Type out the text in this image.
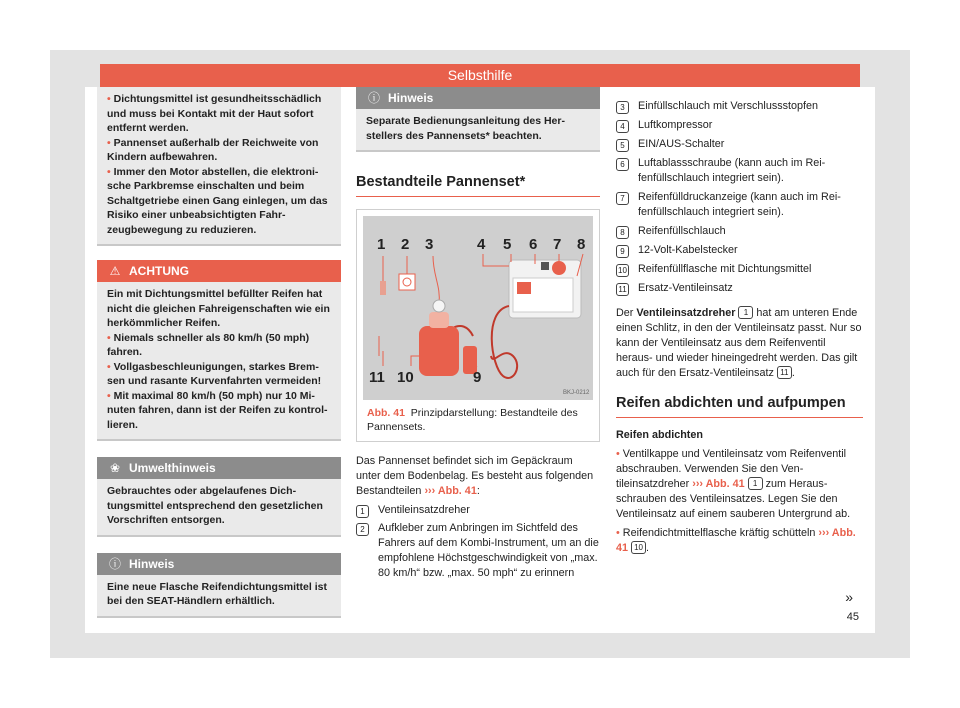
Selbsthilfe

• Dichtungsmittel ist gesundheitsschädlich und muss bei Kontakt mit der Haut sofort entfernt werden.

• Pannenset außerhalb der Reichweite von Kindern aufbewahren.

• Immer den Motor abstellen, die elektronische Parkbremse einschalten und beim Schaltgetriebe einen Gang einlegen, um das Risiko einer unbeabsichtigten Fahrzeugbewegung zu reduzieren.

⚠ ACHTUNG

Ein mit Dichtungsmittel befüllter Reifen hat nicht die gleichen Fahreigenschaften wie ein herkömmlicher Reifen.

• Niemals schneller als 80 km/h (50 mph) fahren.

• Vollgasbeschleunigungen, starkes Bremsen und rasante Kurvenfahrten vermeiden!

• Mit maximal 80 km/h (50 mph) nur 10 Minuten fahren, dann ist der Reifen zu kontrollieren.

❀ Umwelthinweis

Gebrauchtes oder abgelaufenes Dichtungsmittel entsprechend den gesetzlichen Vorschriften entsorgen.

ⓘ Hinweis

Eine neue Flasche Reifendichtungsmittel ist bei den SEAT-Händlern erhältlich.

ⓘ Hinweis

Separate Bedienungsanleitung des Herstellers des Pannensets* beachten.

Bestandteile Pannenset*
1 2 3	4 5 6 7 8
9
10
11
BKJ-0212
Abb. 41 Prinzipdarstellung: Bestandteile des Pannensets.

Das Pannenset befindet sich im Gepäckraum unter dem Bodenbelag. Es besteht aus folgenden Bestandteilen ››› Abb. 41:

1	Ventileinsatzdreher
2	Aufkleber zum Anbringen im Sichtfeld des Fahrers auf dem Kombi-Instrument, um an die empfohlene Höchstgeschwindigkeit von „max. 80 km/h“ bzw. „max. 50 mph“ zu erinnern
3	Einfüllschlauch mit Verschlussstopfen
4	Luftkompressor
5	EIN/AUS-Schalter
6	Luftablassschraube (kann auch im Reifenfüllschlauch integriert sein).
7	Reifenfülldruckanzeige (kann auch im Reifenfüllschlauch integriert sein).
8	Reifenfüllschlauch
9	12-Volt-Kabelstecker
10 Reifenfüllflasche mit Dichtungsmittel
11 Ersatz-Ventileinsatz

Der Ventileinsatzdreher 1 hat am unteren Ende einen Schlitz, in den der Ventileinsatz passt. Nur so kann der Ventileinsatz aus dem Reifenventil heraus- und wieder hineingedreht werden. Das gilt auch für den Ersatz-Ventileinsatz 11 .

Reifen abdichten und aufpumpen

Reifen abdichten

• Ventilkappe und Ventileinsatz vom Reifenventil abschrauben. Verwenden Sie den Ventileinsatzdreher ››› Abb. 41 1 zum Herausschrauben des Ventileinsatzes. Legen Sie den Ventileinsatz auf einem sauberen Untergrund ab.

• Reifendichtmittelflasche kräftig schütteln ››› Abb. 41 10 .

»
45
